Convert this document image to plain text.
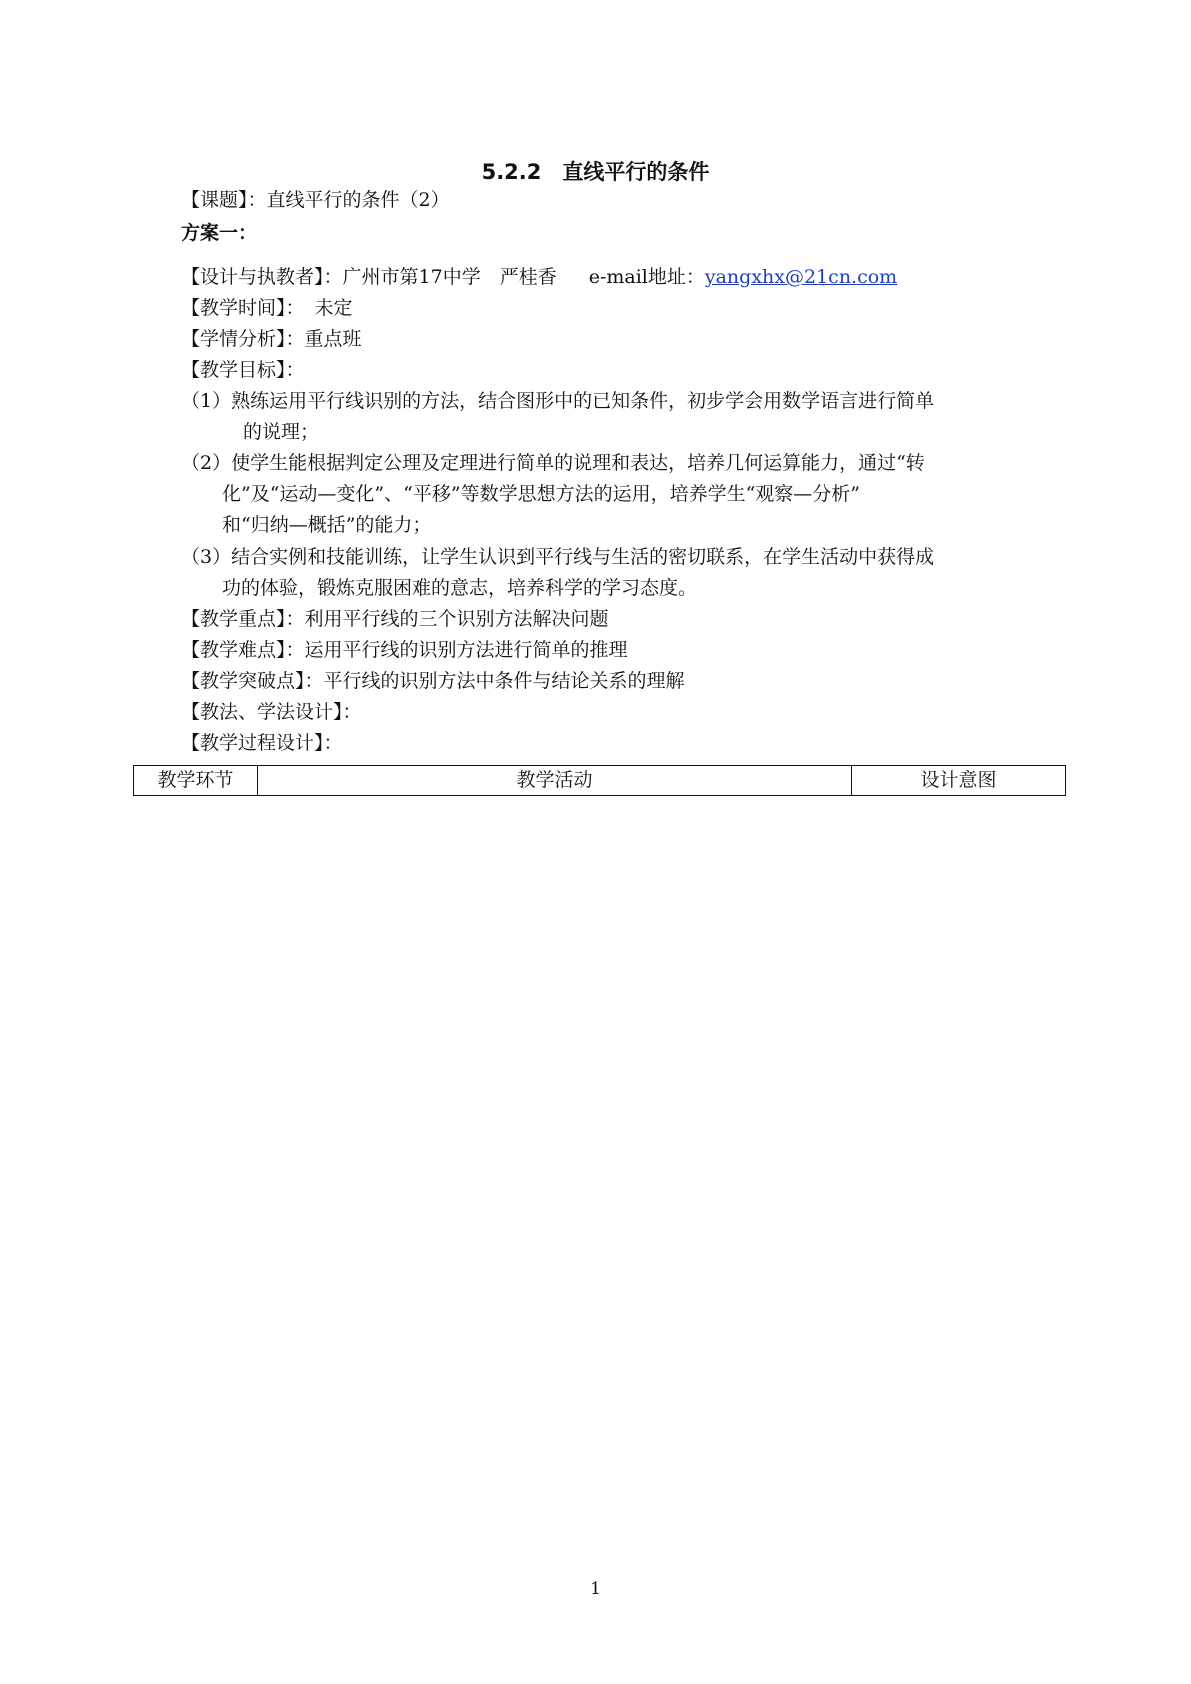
5.2.2　直线平行的条件
【课题】：直线平行的条件（2）
方案一：
【设计与执教者】：广州市第17中学　严桂香 e-mail地址：yangxhx@21cn.com
【教学时间】： 未定
【学情分析】：重点班
【教学目标】：
（1）熟练运用平行线识别的方法，结合图形中的已知条件，初步学会用数学语言进行简单
的说理；
（2）使学生能根据判定公理及定理进行简单的说理和表达，培养几何运算能力，通过“转
化”及“运动—变化”、“平移”等数学思想方法的运用，培养学生“观察—分析”
和“归纳—概括”的能力；
（3）结合实例和技能训练，让学生认识到平行线与生活的密切联系，在学生活动中获得成
功的体验，锻炼克服困难的意志，培养科学的学习态度。
【教学重点】：利用平行线的三个识别方法解决问题
【教学难点】：运用平行线的识别方法进行简单的推理
【教学突破点】：平行线的识别方法中条件与结论关系的理解
【教法、学法设计】：
【教学过程设计】：
教学环节	教学活动	设计意图
1
